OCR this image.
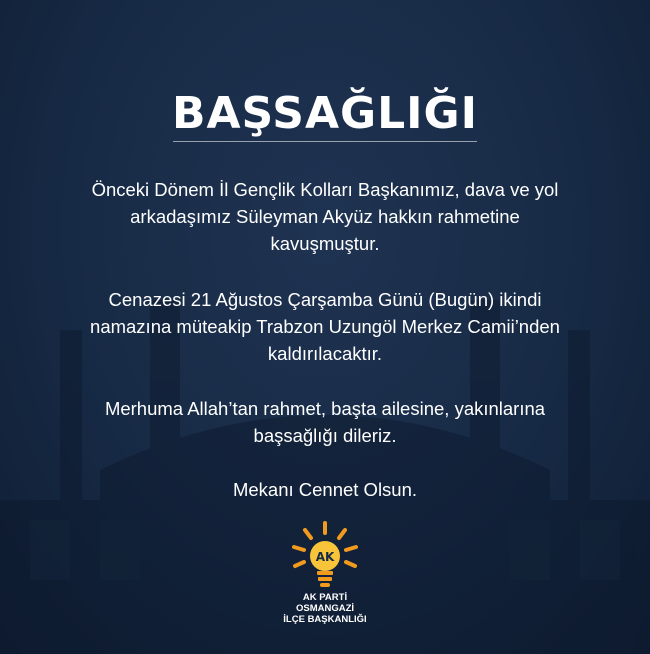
BAŞSAĞLIĞI
Önceki Dönem İl Gençlik Kolları Başkanımız, dava ve yol
arkadaşımız Süleyman Akyüz hakkın rahmetine
kavuşmuştur.
Cenazesi 21 Ağustos Çarşamba Günü (Bugün) ikindi
namazına müteakip Trabzon Uzungöl Merkez Camii’nden
kaldırılacaktır.
Merhuma Allah’tan rahmet, başta ailesine, yakınlarına
başsağlığı dileriz.
Mekanı Cennet Olsun.
AK
AK PARTİ
OSMANGAZİ
İLÇE BAŞKANLIĞI
